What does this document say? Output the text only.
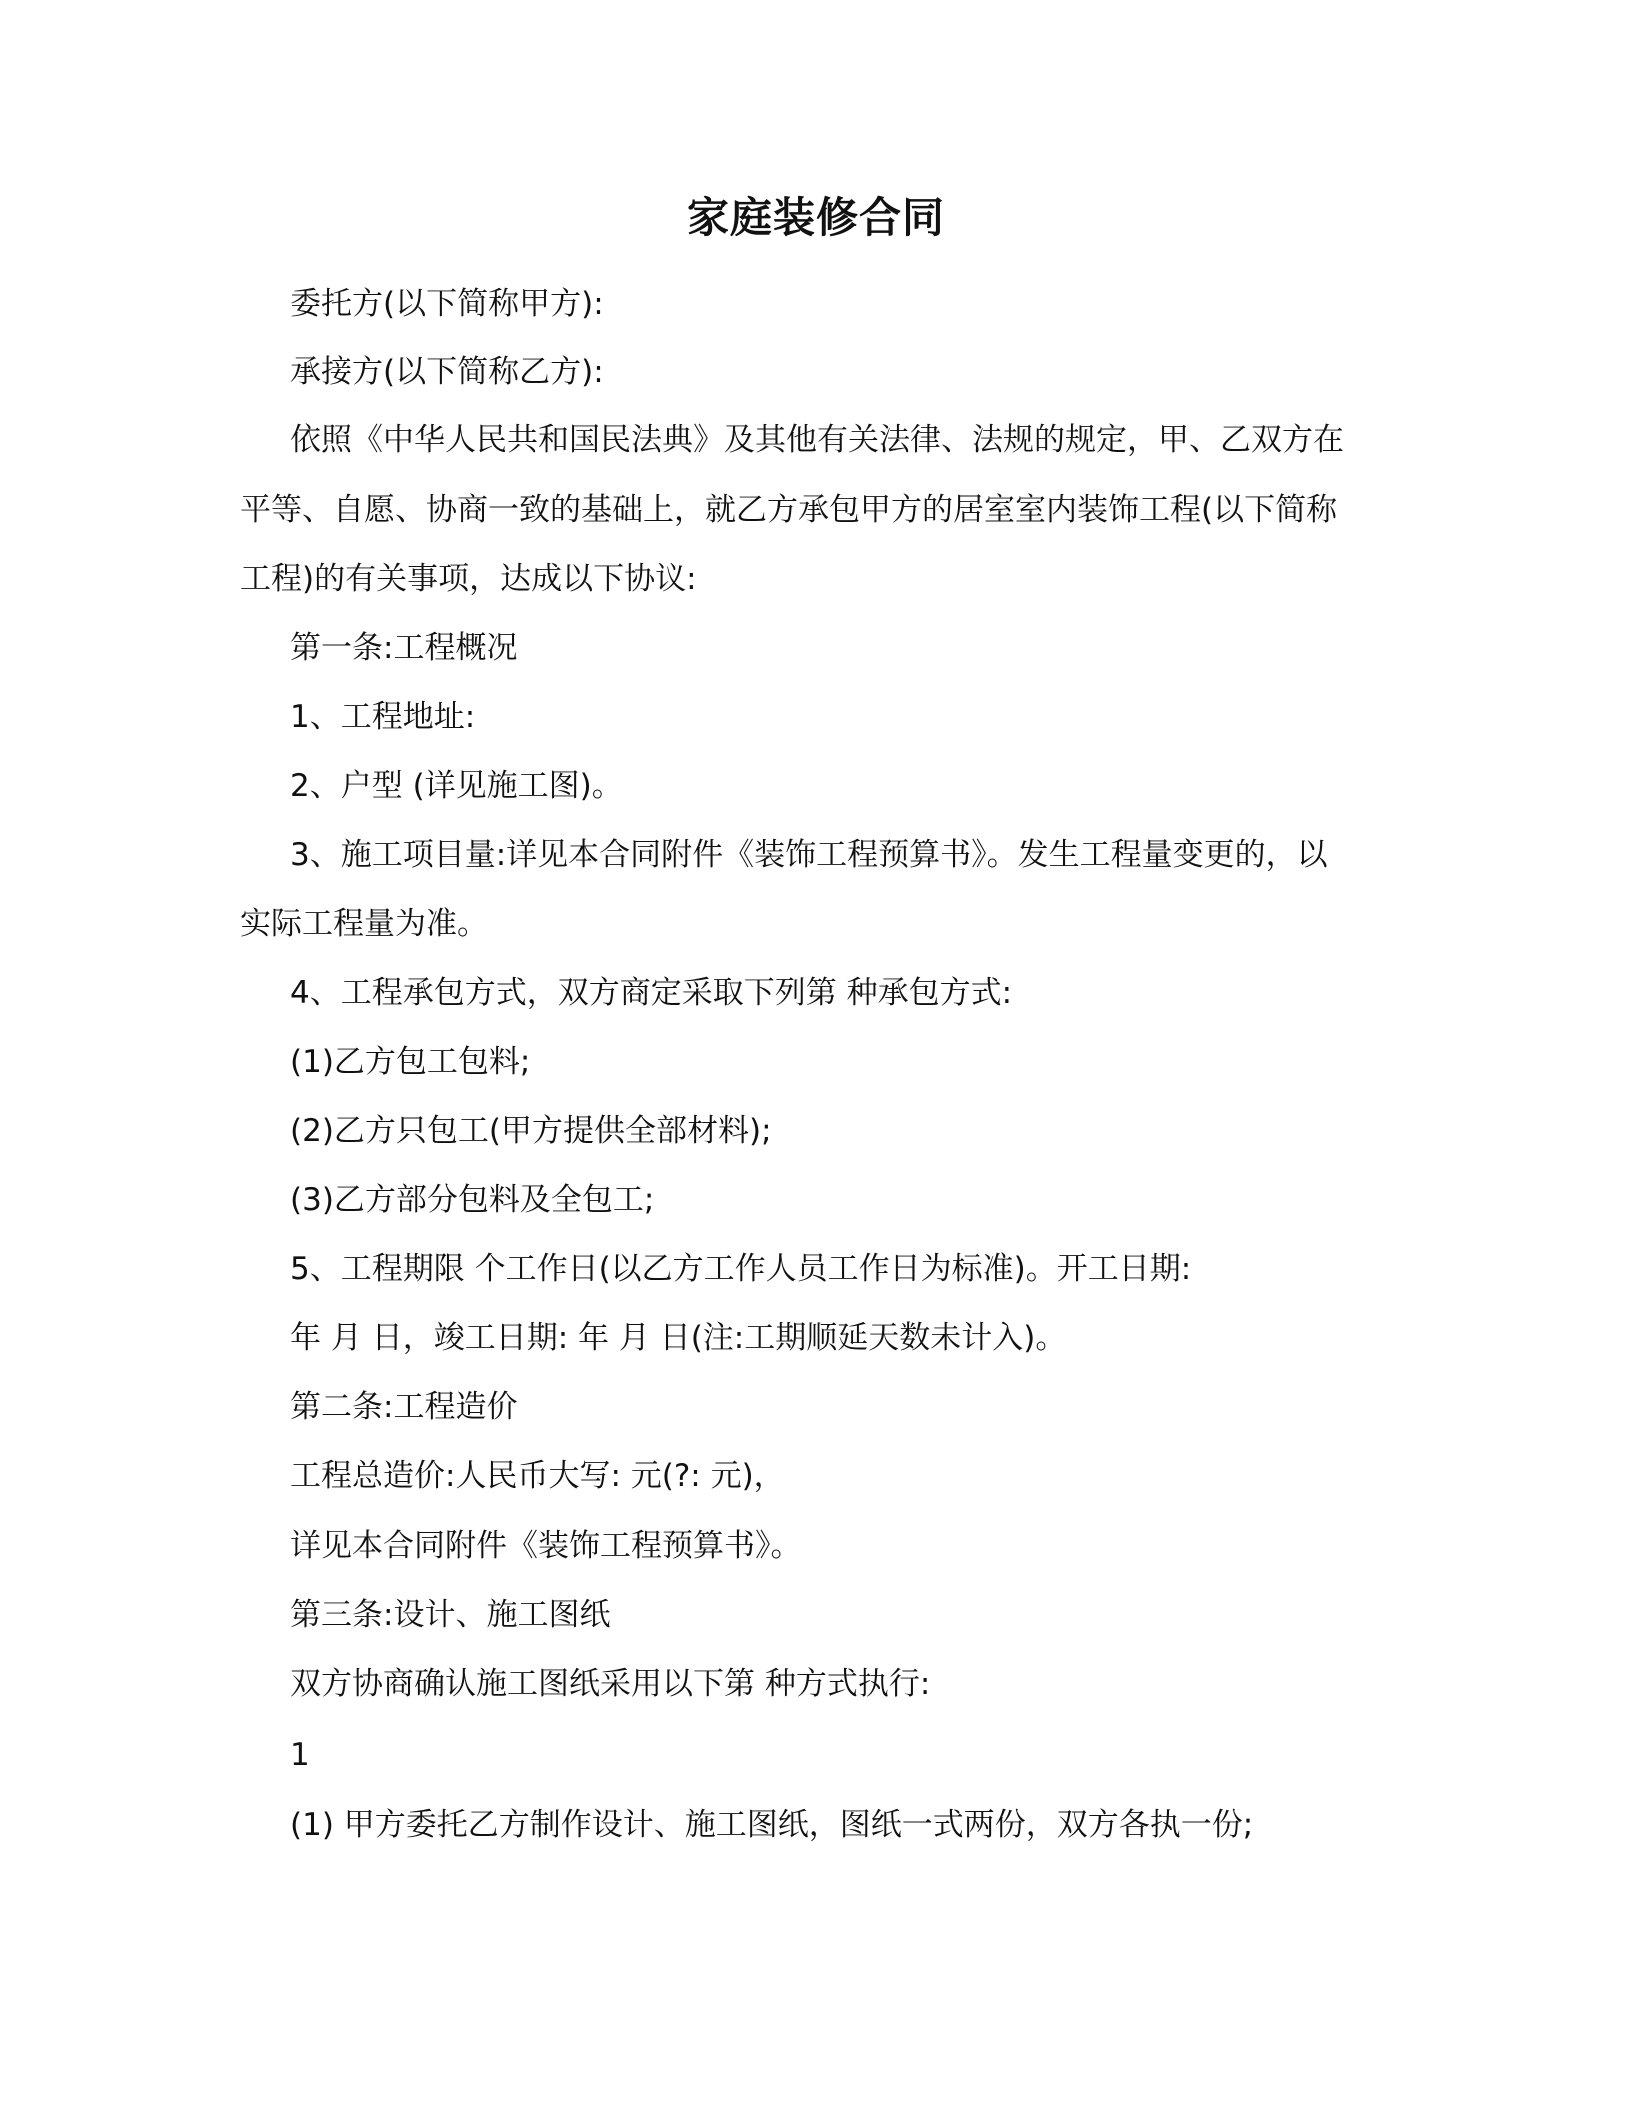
家庭装修合同
委托方(以下简称甲方):
承接方(以下简称乙方):
依照《中华人民共和国民法典》及其他有关法律、法规的规定，甲、乙双方在
平等、自愿、协商一致的基础上，就乙方承包甲方的居室室内装饰工程(以下简称
工程)的有关事项，达成以下协议:
第一条:工程概况
1、工程地址:
2、户型 (详见施工图)。
3、施工项目量:详见本合同附件《装饰工程预算书》。发生工程量变更的，以
实际工程量为准。
4、工程承包方式，双方商定采取下列第 种承包方式:
(1)乙方包工包料;
(2)乙方只包工(甲方提供全部材料);
(3)乙方部分包料及全包工;
5、工程期限 个工作日(以乙方工作人员工作日为标准)。开工日期:
年 月 日，竣工日期: 年 月 日(注:工期顺延天数未计入)。
第二条:工程造价
工程总造价:人民币大写: 元(?: 元)，
详见本合同附件《装饰工程预算书》。
第三条:设计、施工图纸
双方协商确认施工图纸采用以下第 种方式执行:
1
(1) 甲方委托乙方制作设计、施工图纸，图纸一式两份，双方各执一份;
